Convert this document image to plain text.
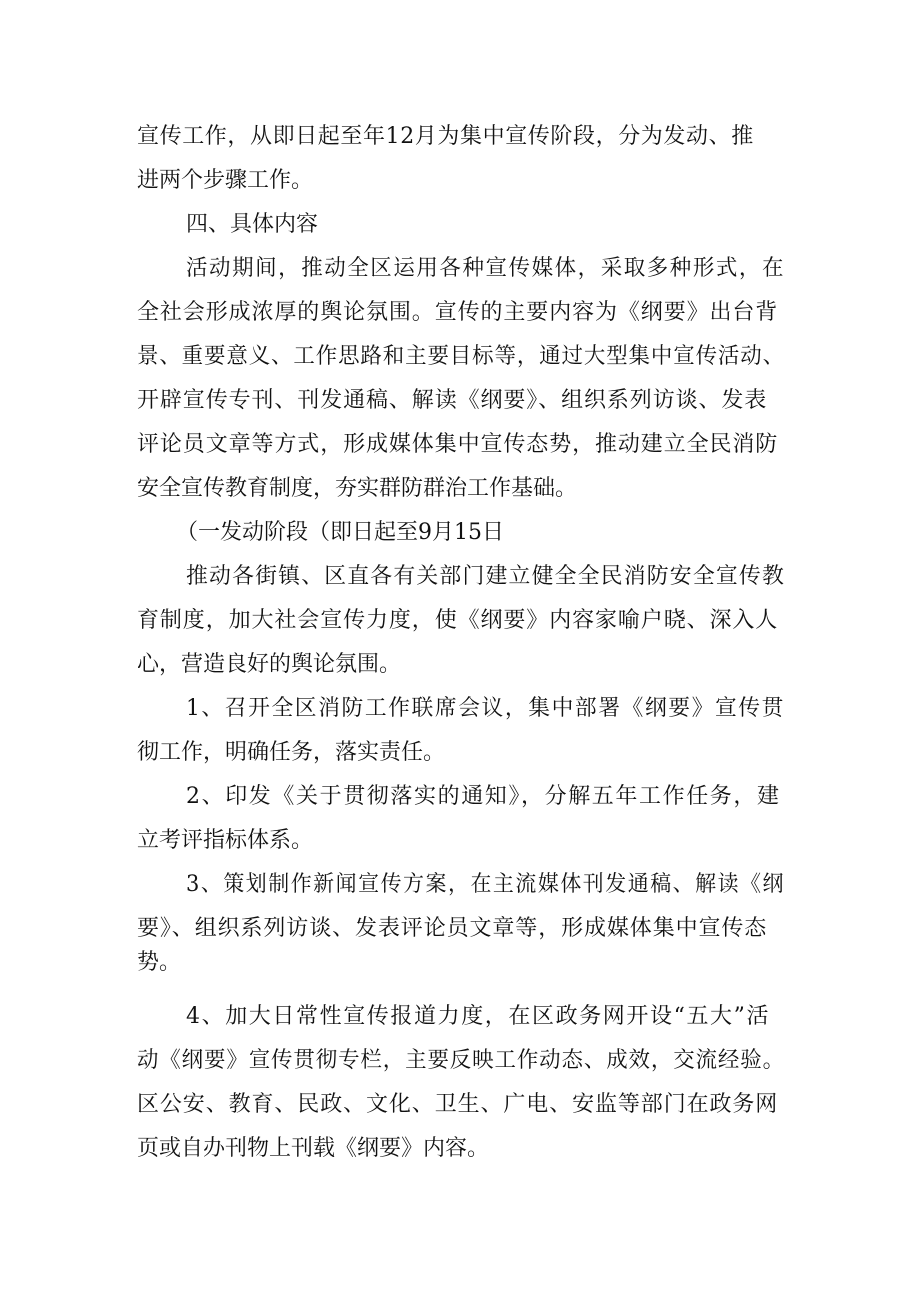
宣传工作，从即日起至年12月为集中宣传阶段，分为发动、推

进两个步骤工作。

四、具体内容

活动期间，推动全区运用各种宣传媒体，采取多种形式，在

全社会形成浓厚的舆论氛围。宣传的主要内容为《纲要》出台背

景、重要意义、工作思路和主要目标等，通过大型集中宣传活动、

开辟宣传专刊、刊发通稿、解读《纲要》、组织系列访谈、发表

评论员文章等方式，形成媒体集中宣传态势，推动建立全民消防

安全宣传教育制度，夯实群防群治工作基础。

（一发动阶段（即日起至9月15日

推动各街镇、区直各有关部门建立健全全民消防安全宣传教

育制度，加大社会宣传力度，使《纲要》内容家喻户晓、深入人

心，营造良好的舆论氛围。

1、召开全区消防工作联席会议，集中部署《纲要》宣传贯

彻工作，明确任务，落实责任。

2、印发《关于贯彻落实的通知》，分解五年工作任务，建

立考评指标体系。

3、策划制作新闻宣传方案，在主流媒体刊发通稿、解读《纲

要》、组织系列访谈、发表评论员文章等，形成媒体集中宣传态

势。

4、加大日常性宣传报道力度，在区政务网开设“五大”活

动《纲要》宣传贯彻专栏，主要反映工作动态、成效，交流经验。

区公安、教育、民政、文化、卫生、广电、安监等部门在政务网

页或自办刊物上刊载《纲要》内容。
